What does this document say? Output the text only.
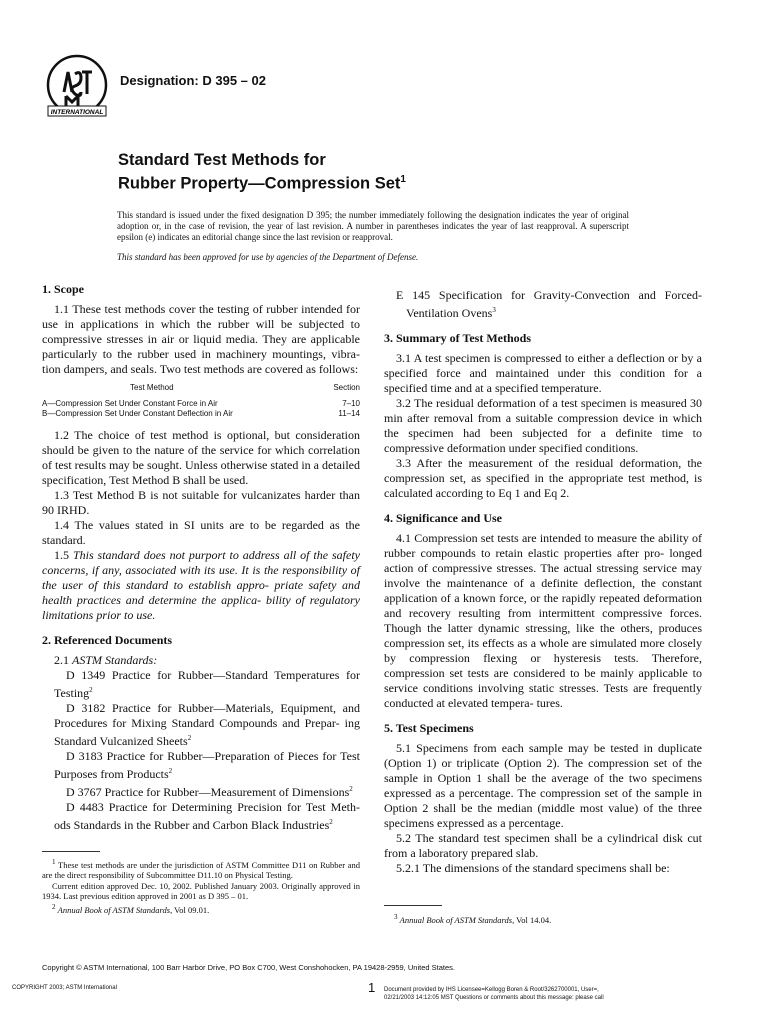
INTERNATIONAL
Designation: D 395 – 02
Standard Test Methods for
Rubber Property—Compression Set$^1$
This standard is issued under the fixed designation D 395; the number immediately following the designation indicates the year of original adoption or, in the case of revision, the year of last revision. A number in parentheses indicates the year of last reapproval. A superscript epsilon (e) indicates an editorial change since the last revision or reapproval.
This standard has been approved for use by agencies of the Department of Defense.
1. Scope

1.1 These test methods cover the testing of rubber intended for use in applications in which the rubber will be subjected to compressive stresses in air or liquid media. They are applicable particularly to the rubber used in machinery mountings, vibra- tion dampers, and seals. Two test methods are covered as follows:

Test Method	Section
A—Compression Set Under Constant Force in Air	7–10
B—Compression Set Under Constant Deflection in Air	11–14

1.2 The choice of test method is optional, but consideration should be given to the nature of the service for which correlation of test results may be sought. Unless otherwise stated in a detailed specification, Test Method B shall be used.

1.3 Test Method B is not suitable for vulcanizates harder than 90 IRHD.

1.4 The values stated in SI units are to be regarded as the standard.

1.5 This standard does not purport to address all of the safety concerns, if any, associated with its use. It is the responsibility of the user of this standard to establish appro- priate safety and health practices and determine the applica- bility of regulatory limitations prior to use.

2. Referenced Documents

2.1 ASTM Standards:

D 1349 Practice for Rubber—Standard Temperatures for Testing$^2$

D 3182 Practice for Rubber—Materials, Equipment, and Procedures for Mixing Standard Compounds and Prepar- ing Standard Vulcanized Sheets$^2$

D 3183 Practice for Rubber—Preparation of Pieces for Test Purposes from Products$^2$

D 3767 Practice for Rubber—Measurement of Dimensions$^2$

D 4483 Practice for Determining Precision for Test Meth- ods Standards in the Rubber and Carbon Black Industries$^2$

$^1$ These test methods are under the jurisdiction of ASTM Committee D11 on Rubber and are the direct responsibility of Subcommittee D11.10 on Physical Testing.
Current edition approved Dec. 10, 2002. Published January 2003. Originally approved in 1934. Last previous edition approved in 2001 as D 395 – 01.
$^2$ Annual Book of ASTM Standards, Vol 09.01.

E 145 Specification for Gravity-Convection and Forced- Ventilation Ovens$^3$

3. Summary of Test Methods

3.1 A test specimen is compressed to either a deflection or by a specified force and maintained under this condition for a specified time and at a specified temperature.

3.2 The residual deformation of a test specimen is measured 30 min after removal from a suitable compression device in which the specimen had been subjected for a definite time to compressive deformation under specified conditions.

3.3 After the measurement of the residual deformation, the compression set, as specified in the appropriate test method, is calculated according to Eq 1 and Eq 2.

4. Significance and Use

4.1 Compression set tests are intended to measure the ability of rubber compounds to retain elastic properties after pro- longed action of compressive stresses. The actual stressing service may involve the maintenance of a definite deflection, the constant application of a known force, or the rapidly repeated deformation and recovery resulting from intermittent compressive forces. Though the latter dynamic stressing, like the others, produces compression set, its effects as a whole are simulated more closely by compression flexing or hysteresis tests. Therefore, compression set tests are considered to be mainly applicable to service conditions involving static stresses. Tests are frequently conducted at elevated tempera- tures.

5. Test Specimens

5.1 Specimens from each sample may be tested in duplicate (Option 1) or triplicate (Option 2). The compression set of the sample in Option 1 shall be the average of the two specimens expressed as a percentage. The compression set of the sample in Option 2 shall be the median (middle most value) of the three specimens expressed as a percentage.

5.2 The standard test specimen shall be a cylindrical disk cut from a laboratory prepared slab.

5.2.1 The dimensions of the standard specimens shall be:

$^3$ Annual Book of ASTM Standards, Vol 14.04.
Copyright © ASTM International, 100 Barr Harbor Drive, PO Box C700, West Conshohocken, PA 19428-2959, United States.
COPYRIGHT 2003; ASTM International	1 Document provided by IHS Licensee=Kellogg Boren & Root/3262700001, User=, 02/21/2003 14:12:05 MST Questions or comments about this message: please call
